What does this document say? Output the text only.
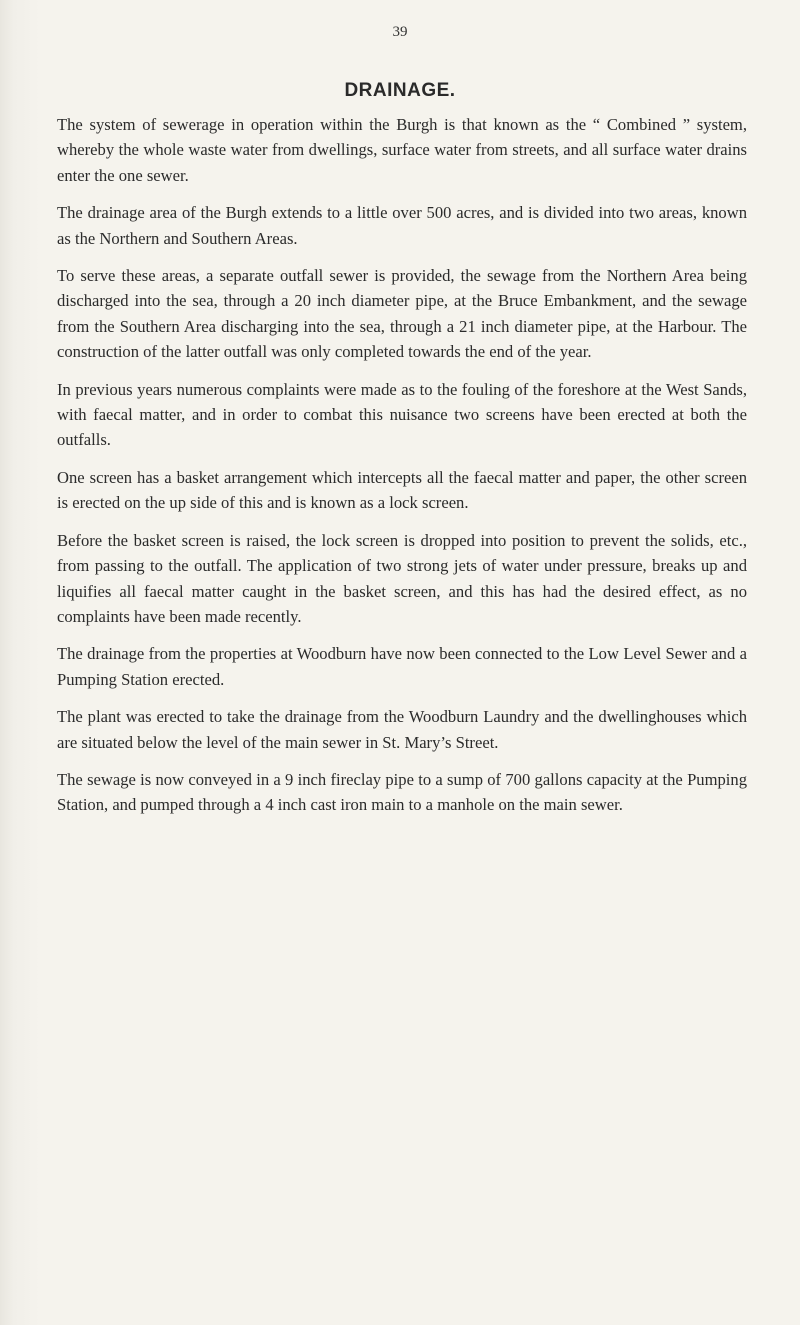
39
DRAINAGE.

The system of sewerage in operation within the Burgh is that known as the “ Combined ” system, whereby the whole waste water from dwellings, surface water from streets, and all surface water drains enter the one sewer.

The drainage area of the Burgh extends to a little over 500 acres, and is divided into two areas, known as the Northern and Southern Areas.

To serve these areas, a separate outfall sewer is provided, the sewage from the Northern Area being discharged into the sea, through a 20 inch diameter pipe, at the Bruce Embankment, and the sewage from the Southern Area discharging into the sea, through a 21 inch diameter pipe, at the Harbour. The construction of the latter outfall was only completed towards the end of the year.

In previous years numerous complaints were made as to the fouling of the foreshore at the West Sands, with faecal matter, and in order to combat this nuisance two screens have been erected at both the outfalls.

One screen has a basket arrangement which intercepts all the faecal matter and paper, the other screen is erected on the up side of this and is known as a lock screen.

Before the basket screen is raised, the lock screen is dropped into position to prevent the solids, etc., from passing to the outfall. The application of two strong jets of water under pressure, breaks up and liquifies all faecal matter caught in the basket screen, and this has had the desired effect, as no complaints have been made recently.

The drainage from the properties at Woodburn have now been connected to the Low Level Sewer and a Pumping Station erected.

The plant was erected to take the drainage from the Woodburn Laundry and the dwellinghouses which are situated below the level of the main sewer in St. Mary’s Street.

The sewage is now conveyed in a 9 inch fireclay pipe to a sump of 700 gallons capacity at the Pumping Station, and pumped through a 4 inch cast iron main to a manhole on the main sewer.
